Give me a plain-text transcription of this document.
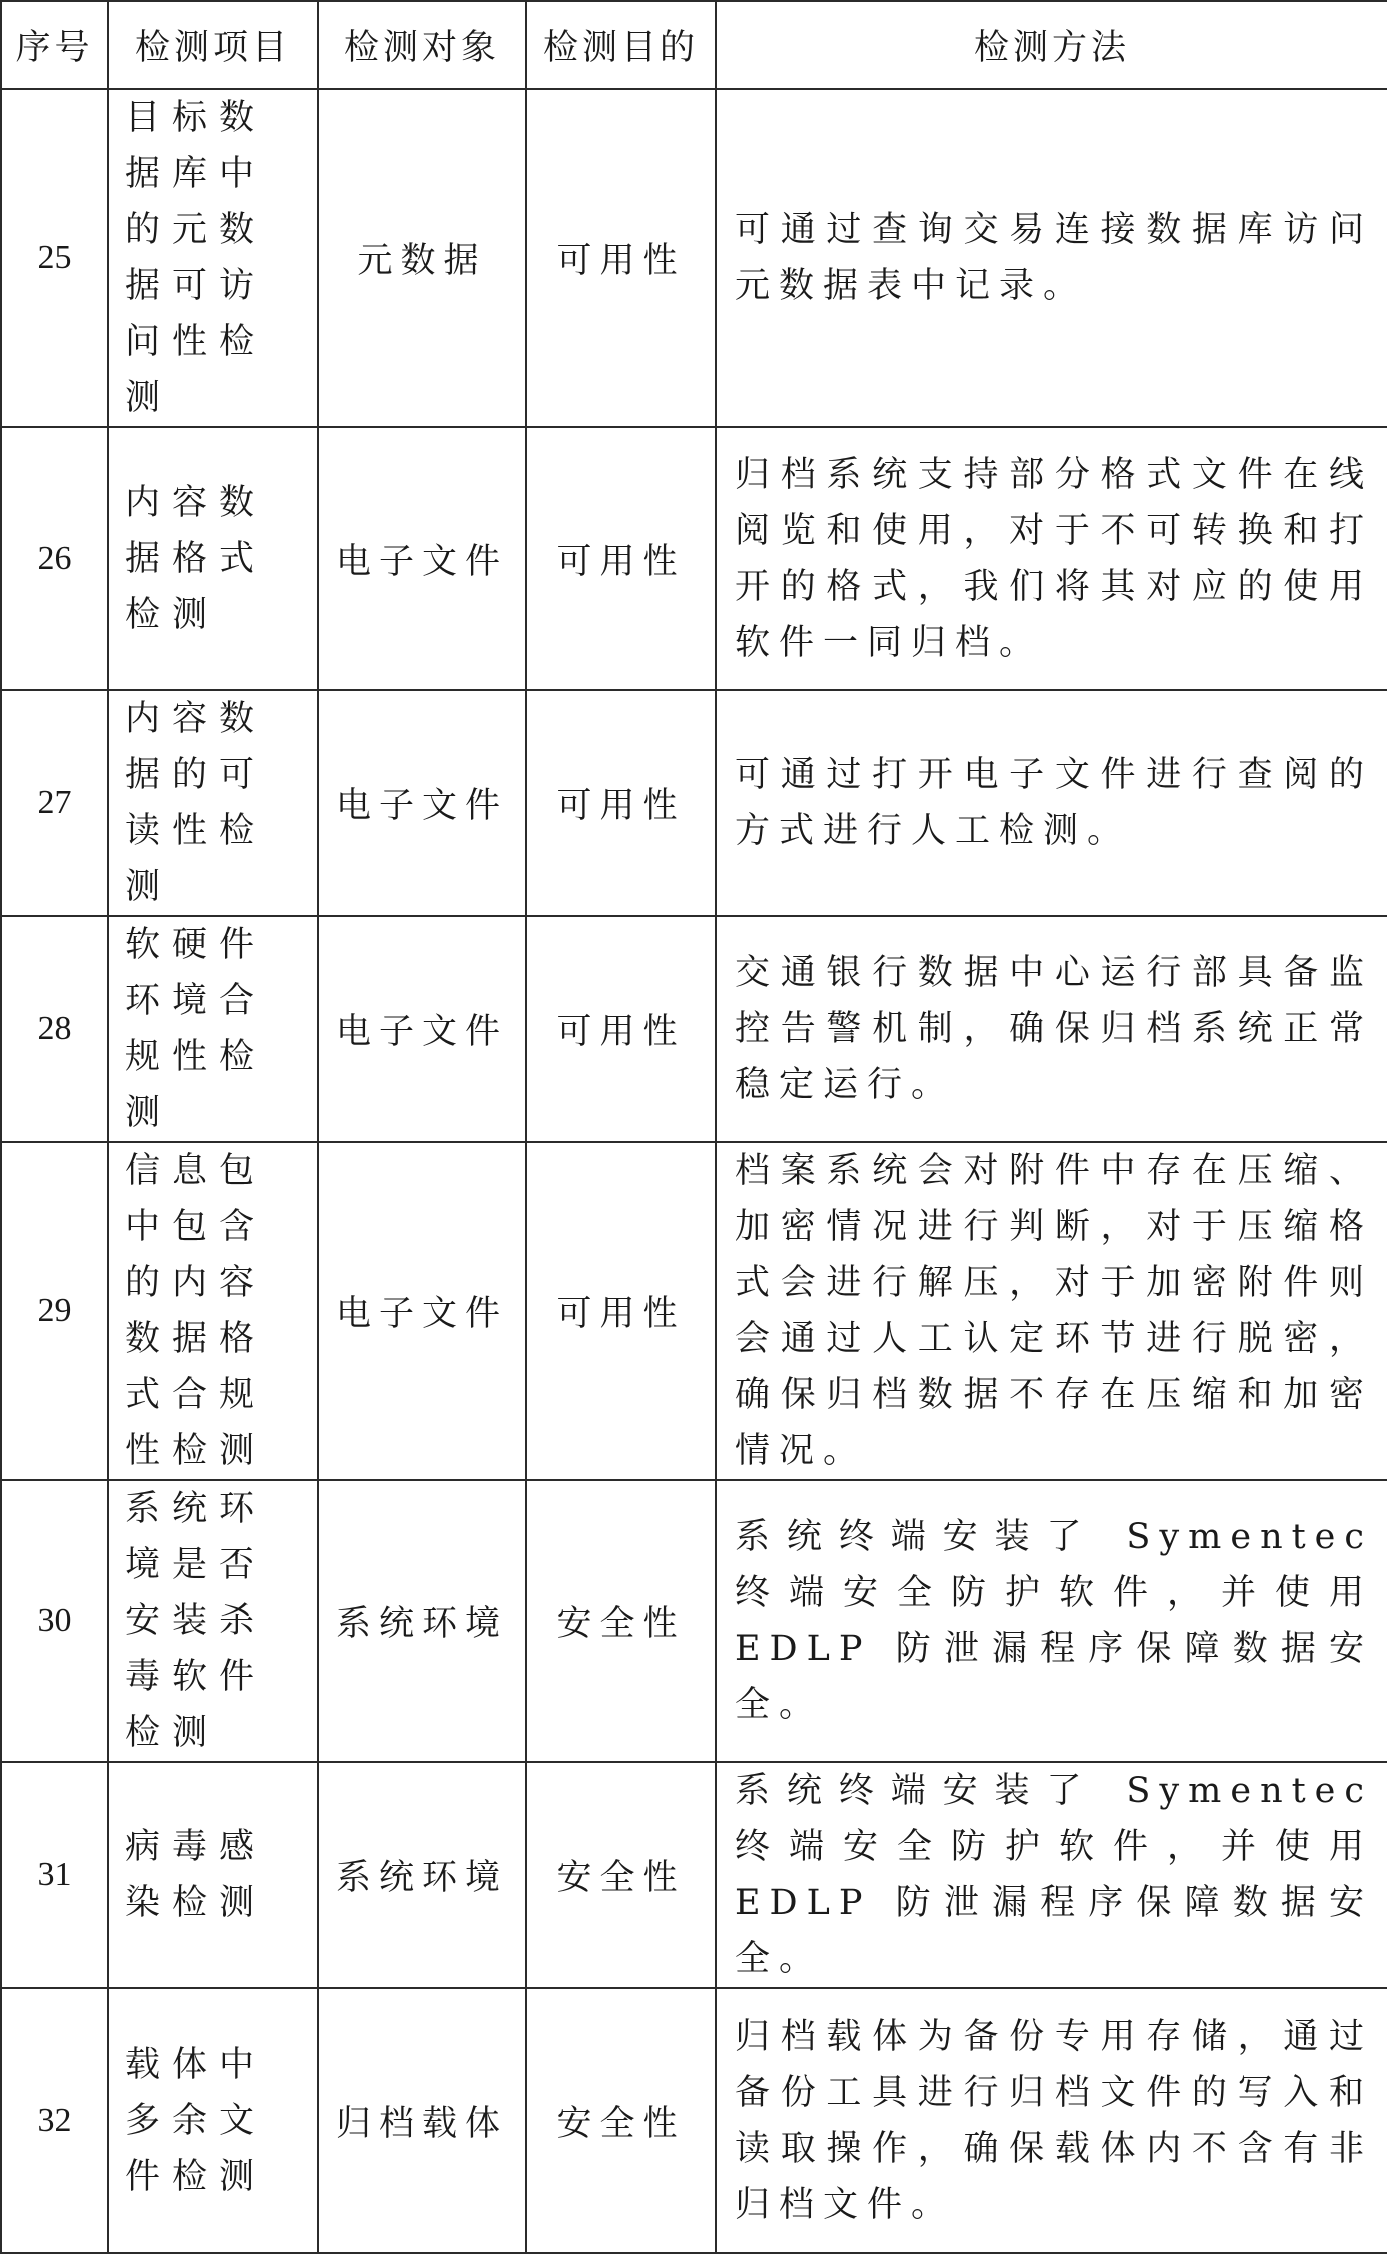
序号	检测项目	检测对象	检测目的	检测方法
25	目标数据库中的元数据可访问性检测	元数据	可用性	可通过查询交易连接数据库访问元数据表中记录。
26	内容数据格式检测	电子文件	可用性	归档系统支持部分格式文件在线阅览和使用，对于不可转换和打开的格式，我们将其对应的使用软件一同归档。
27	内容数据的可读性检测	电子文件	可用性	可通过打开电子文件进行查阅的方式进行人工检测。
28	软硬件环境合规性检测	电子文件	可用性	交通银行数据中心运行部具备监控告警机制，确保归档系统正常稳定运行。
29	信息包中包含的内容数据格式合规性检测	电子文件	可用性	档案系统会对附件中存在压缩、加密情况进行判断，对于压缩格式会进行解压，对于加密附件则会通过人工认定环节进行脱密，确保归档数据不存在压缩和加密情况。
30	系统环境是否安装杀毒软件检测	系统环境	安全性	系统终端安装了 Symentec 终端安全防护软件，并使用 EDLP 防泄漏程序保障数据安全。
31	病毒感染检测	系统环境	安全性	系统终端安装了 Symentec 终端安全防护软件，并使用 EDLP 防泄漏程序保障数据安全。
32	载体中多余文件检测	归档载体	安全性	归档载体为备份专用存储，通过备份工具进行归档文件的写入和读取操作，确保载体内不含有非归档文件。
